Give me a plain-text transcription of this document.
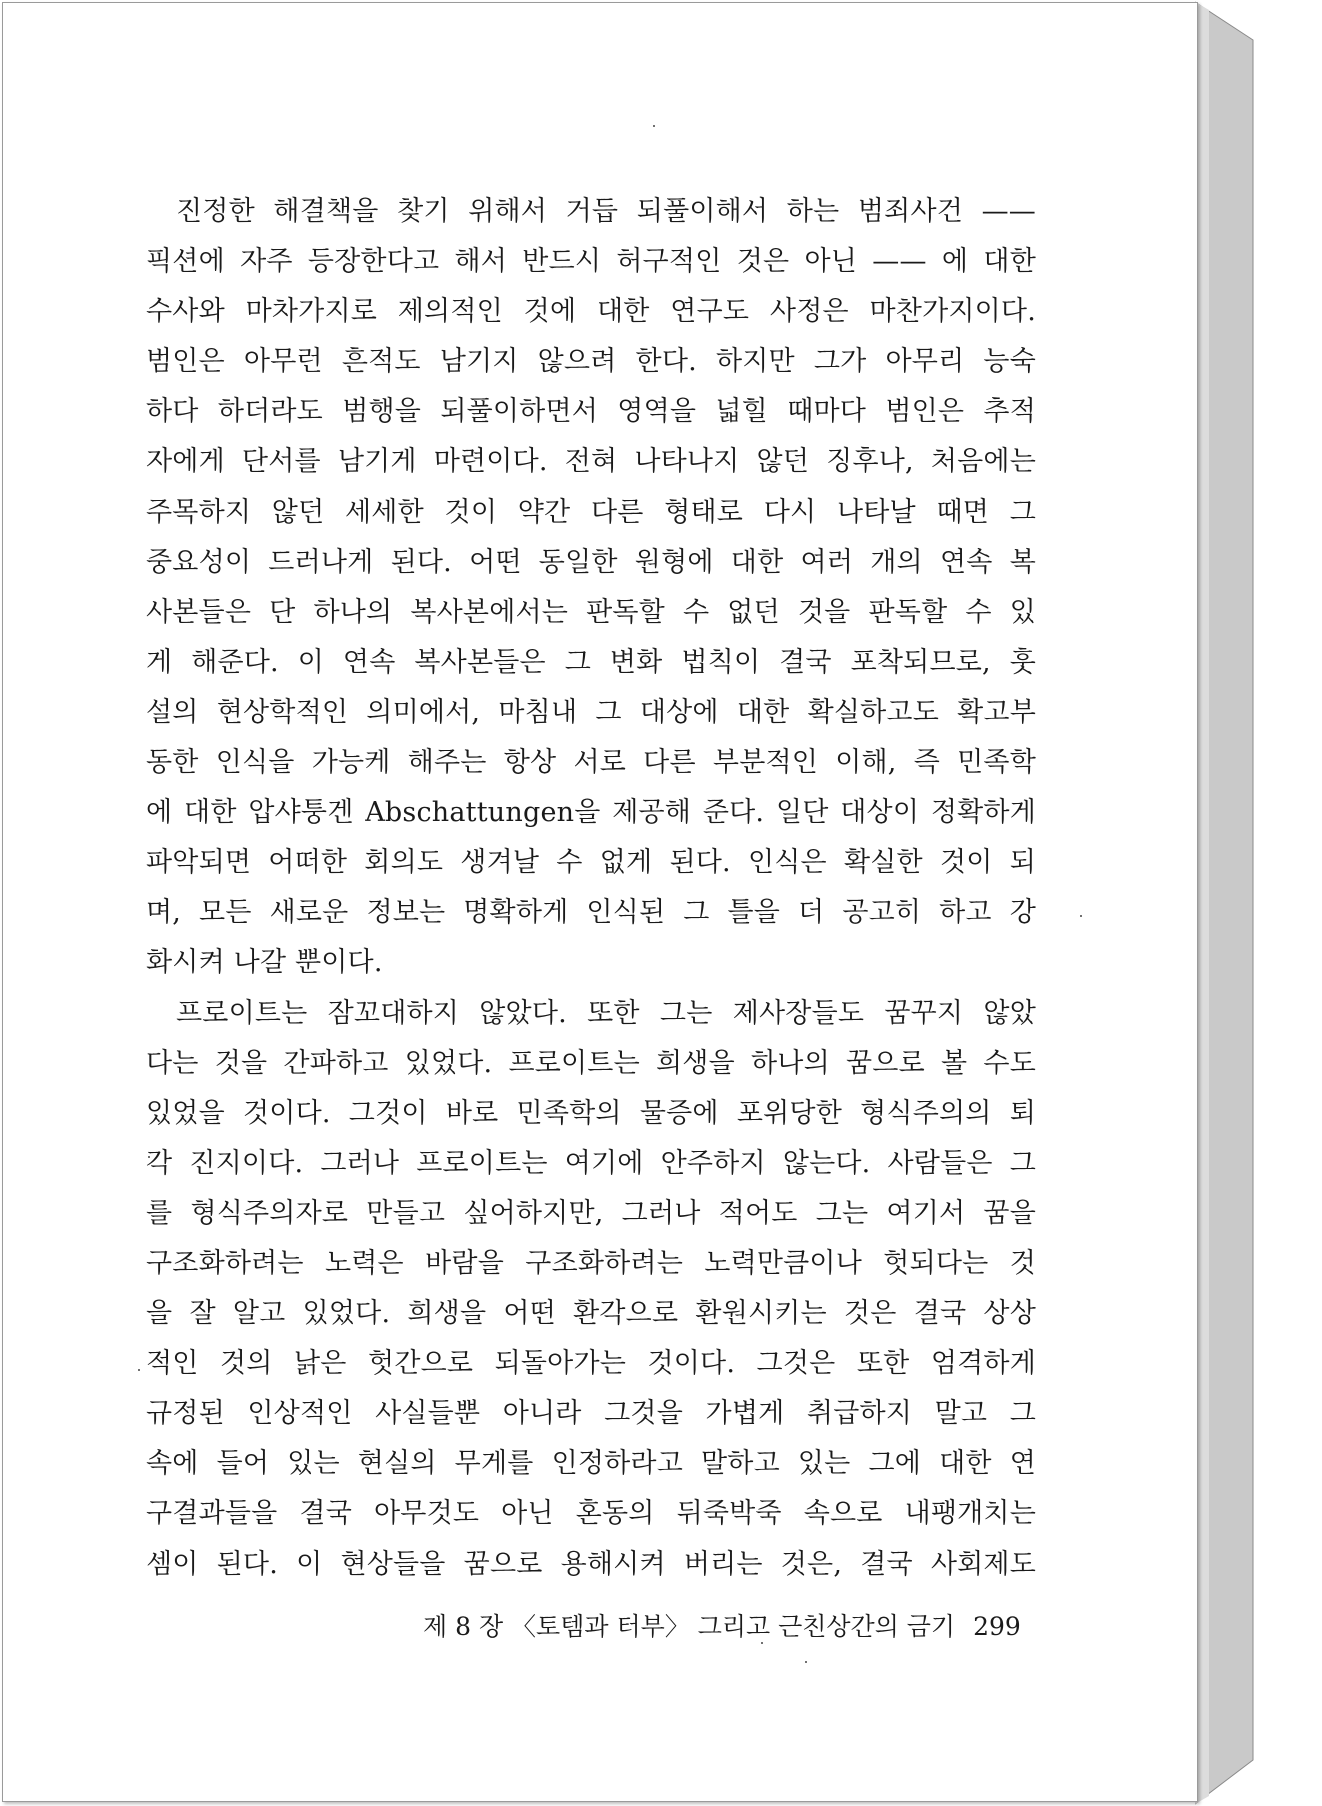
진정한 해결책을 찾기 위해서 거듭 되풀이해서 하는 범죄사건 ——
픽션에 자주 등장한다고 해서 반드시 허구적인 것은 아닌 —— 에 대한
수사와 마차가지로 제의적인 것에 대한 연구도 사정은 마찬가지이다.
범인은 아무런 흔적도 남기지 않으려 한다. 하지만 그가 아무리 능숙
하다 하더라도 범행을 되풀이하면서 영역을 넓힐 때마다 범인은 추적
자에게 단서를 남기게 마련이다. 전혀 나타나지 않던 징후나, 처음에는
주목하지 않던 세세한 것이 약간 다른 형태로 다시 나타날 때면 그
중요성이 드러나게 된다. 어떤 동일한 원형에 대한 여러 개의 연속 복
사본들은 단 하나의 복사본에서는 판독할 수 없던 것을 판독할 수 있
게 해준다. 이 연속 복사본들은 그 변화 법칙이 결국 포착되므로, 훗
설의 현상학적인 의미에서, 마침내 그 대상에 대한 확실하고도 확고부
동한 인식을 가능케 해주는 항상 서로 다른 부분적인 이해, 즉 민족학
에 대한 압샤퉁겐 Abschattungen을 제공해 준다. 일단 대상이 정확하게
파악되면 어떠한 회의도 생겨날 수 없게 된다. 인식은 확실한 것이 되
며, 모든 새로운 정보는 명확하게 인식된 그 틀을 더 공고히 하고 강
화시켜 나갈 뿐이다.
프로이트는 잠꼬대하지 않았다. 또한 그는 제사장들도 꿈꾸지 않았
다는 것을 간파하고 있었다. 프로이트는 희생을 하나의 꿈으로 볼 수도
있었을 것이다. 그것이 바로 민족학의 물증에 포위당한 형식주의의 퇴
각 진지이다. 그러나 프로이트는 여기에 안주하지 않는다. 사람들은 그
를 형식주의자로 만들고 싶어하지만, 그러나 적어도 그는 여기서 꿈을
구조화하려는 노력은 바람을 구조화하려는 노력만큼이나 헛되다는 것
을 잘 알고 있었다. 희생을 어떤 환각으로 환원시키는 것은 결국 상상
적인 것의 낡은 헛간으로 되돌아가는 것이다. 그것은 또한 엄격하게
규정된 인상적인 사실들뿐 아니라 그것을 가볍게 취급하지 말고 그
속에 들어 있는 현실의 무게를 인정하라고 말하고 있는 그에 대한 연
구결과들을 결국 아무것도 아닌 혼동의 뒤죽박죽 속으로 내팽개치는
셈이 된다. 이 현상들을 꿈으로 용해시켜 버리는 것은, 결국 사회제도
제 8 장 〈토템과 터부〉 그리고 근친상간의 금기 299
